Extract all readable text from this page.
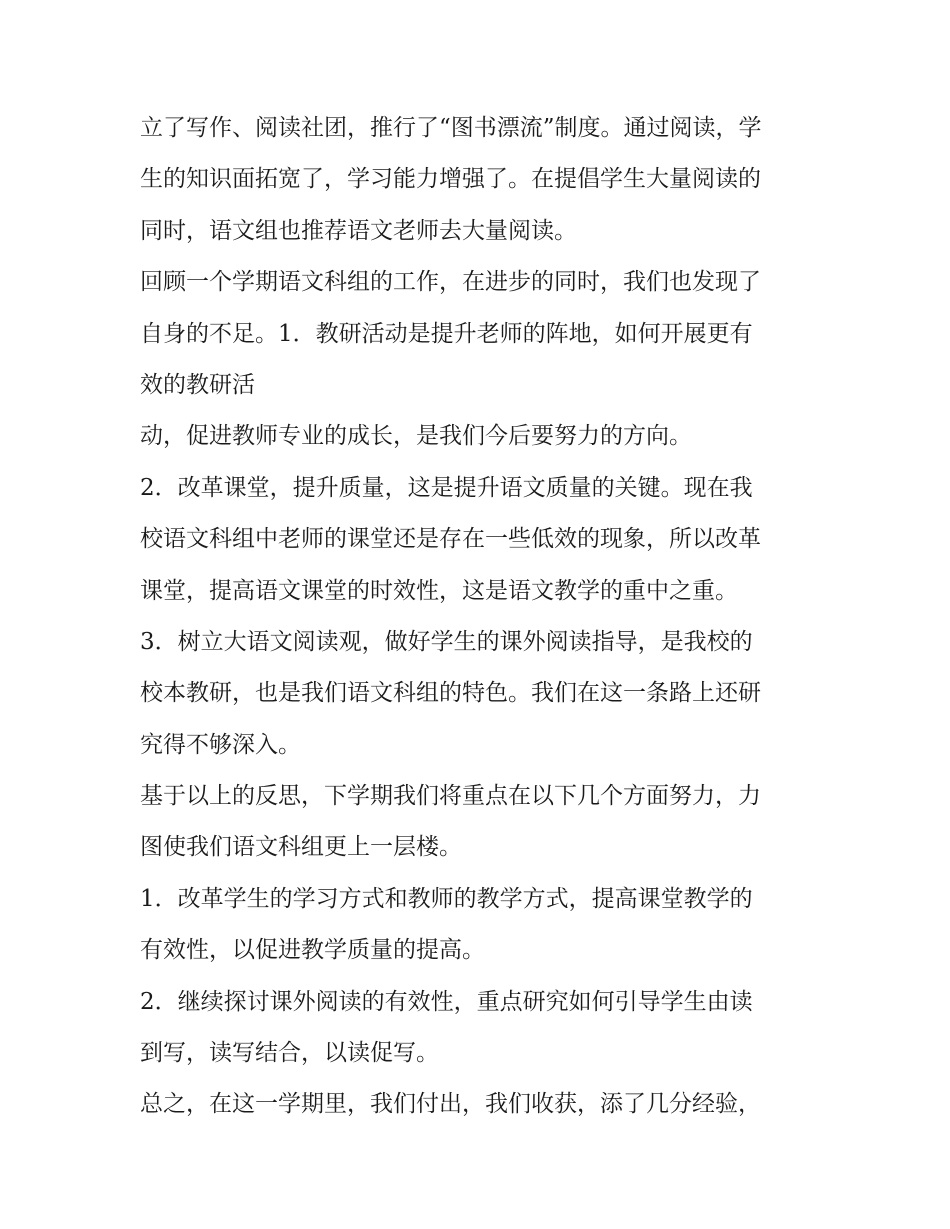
立了写作、阅读社团，推行了“图书漂流”制度。通过阅读，学
生的知识面拓宽了，学习能力增强了。在提倡学生大量阅读的
同时，语文组也推荐语文老师去大量阅读。
回顾一个学期语文科组的工作，在进步的同时，我们也发现了
自身的不足。1．教研活动是提升老师的阵地，如何开展更有
效的教研活
动，促进教师专业的成长，是我们今后要努力的方向。
2．改革课堂，提升质量，这是提升语文质量的关键。现在我
校语文科组中老师的课堂还是存在一些低效的现象，所以改革
课堂，提高语文课堂的时效性，这是语文教学的重中之重。
3．树立大语文阅读观，做好学生的课外阅读指导，是我校的
校本教研，也是我们语文科组的特色。我们在这一条路上还研
究得不够深入。
基于以上的反思，下学期我们将重点在以下几个方面努力，力
图使我们语文科组更上一层楼。
1．改革学生的学习方式和教师的教学方式，提高课堂教学的
有效性，以促进教学质量的提高。
2．继续探讨课外阅读的有效性，重点研究如何引导学生由读
到写，读写结合，以读促写。
总之，在这一学期里，我们付出，我们收获，添了几分经验，
